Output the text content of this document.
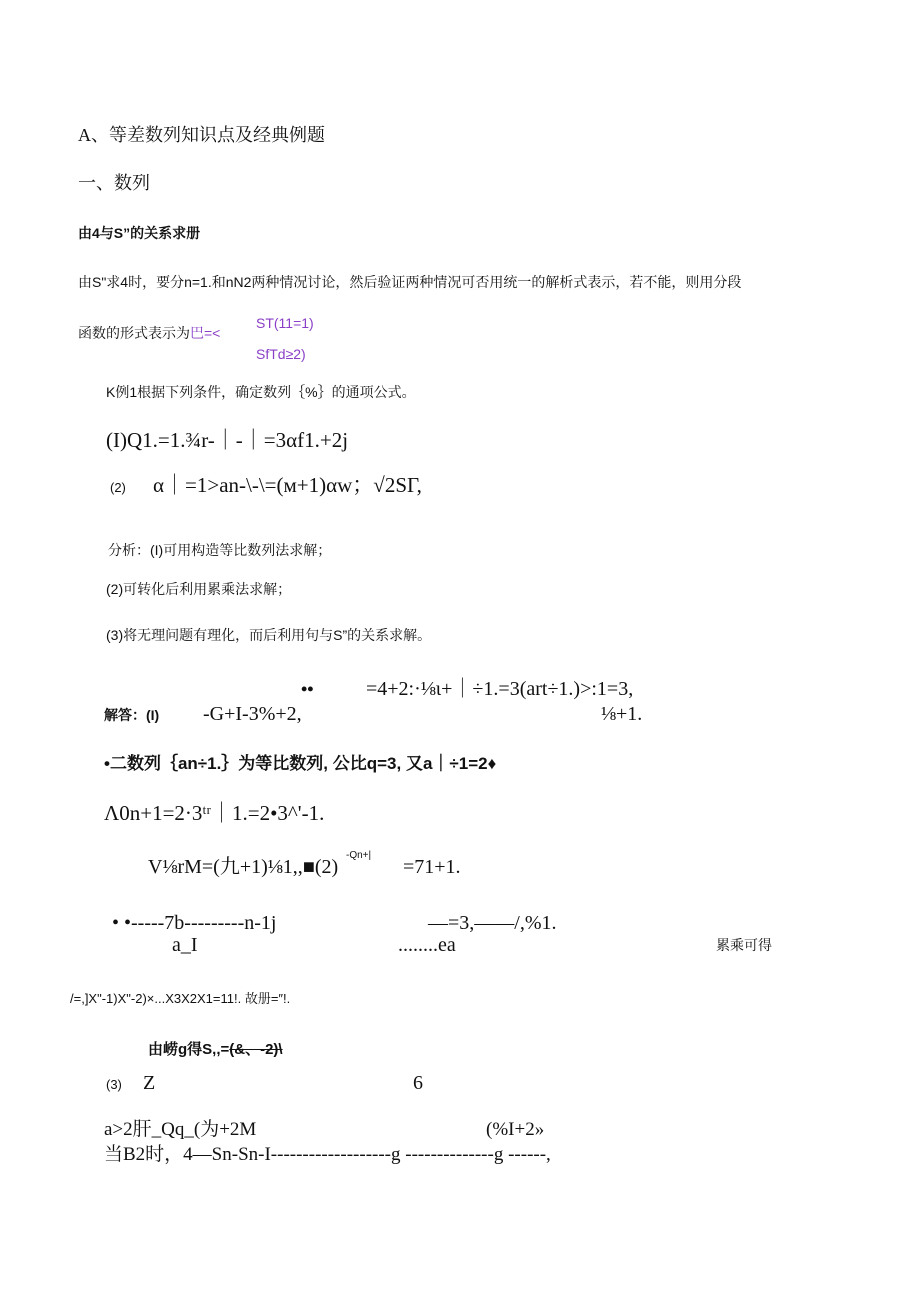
A、等差数列知识点及经典例题
一、数列
由4与S”的关系求册
由S"求4时，要分n=1.和nN2两种情况讨论，然后验证两种情况可否用统一的解析式表示，若不能，则用分段
函数的形式表示为巴=<
ST(11=1)
SfTd≥2)
K例1根据下列条件，确定数列｛%｝的通项公式。
(I)Q1.=1.¾r-｜-｜=3αf1.+2j
(2) α｜=1>an-\-\=(м+1)αw；√2SΓ,
分析：(I)可用构造等比数列法求解；
(2)可转化后利用累乘法求解；
(3)将无理问题有理化，而后利用句与S”的关系求解。
••	=4+2:·⅛ι+｜÷1.=3(art÷1.)>:1=3,
解答：(I) -G+I-3%+2,	⅛+1.
•二数列｛an÷1.｝为等比数列, 公比q=3, 又a｜÷1=2♦
Λ0n+1=2·3ᵗʳ｜1.=2•3^'-1.
V⅛rM=(九+1)⅛1,,■(2)
-Qn+|
=71+1.
• •-----7b---------n-1j	—=3,——/,%1.
a_I	........ea	累乘可得
/=,]X"-1)X"-2)×...X3X2X1=11!. 故册=″!.
由崂g得S,,=(&、-2)\
(3) Z	6
a>2肝_Qq_(为+2M	(%I+2»
当B2时，4—Sn-Sn-I-------------------g --------------g ------,
